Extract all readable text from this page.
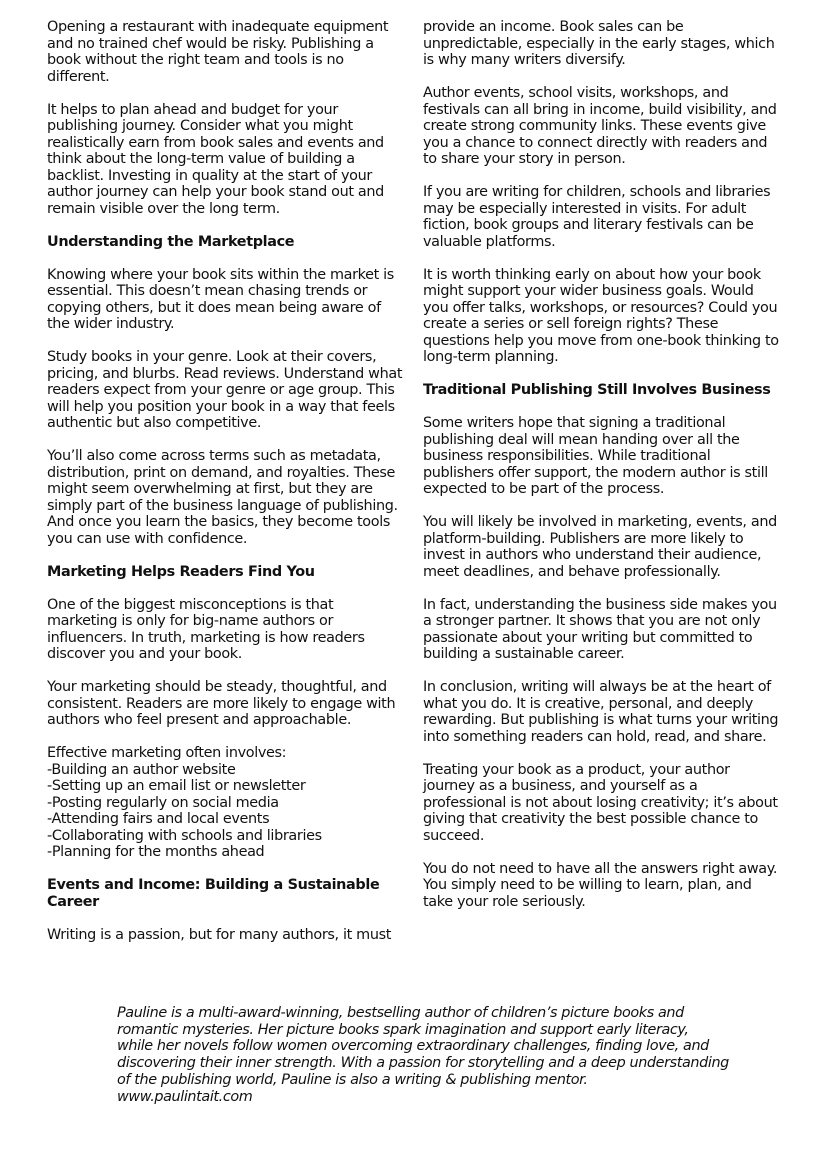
Opening a restaurant with inadequate equipment and no trained chef would be risky. Publishing a book without the right team and tools is no different.

It helps to plan ahead and budget for your publishing journey. Consider what you might realistically earn from book sales and events and think about the long-term value of building a backlist. Investing in quality at the start of your author journey can help your book stand out and remain visible over the long term.

Understanding the Marketplace

Knowing where your book sits within the market is essential. This doesn’t mean chasing trends or copying others, but it does mean being aware of the wider industry.

Study books in your genre. Look at their covers, pricing, and blurbs. Read reviews. Understand what readers expect from your genre or age group. This will help you position your book in a way that feels authentic but also competitive.

You’ll also come across terms such as metadata, distribution, print on demand, and royalties. These might seem overwhelming at first, but they are simply part of the business language of publishing. And once you learn the basics, they become tools you can use with confidence.

Marketing Helps Readers Find You

One of the biggest misconceptions is that marketing is only for big-name authors or influencers. In truth, marketing is how readers discover you and your book.

Your marketing should be steady, thoughtful, and consistent. Readers are more likely to engage with authors who feel present and approachable.

Effective marketing often involves:
-Building an author website
-Setting up an email list or newsletter
-Posting regularly on social media
-Attending fairs and local events
-Collaborating with schools and libraries
-Planning for the months ahead

Events and Income: Building a Sustainable Career

Writing is a passion, but for many authors, it must

provide an income. Book sales can be unpredictable, especially in the early stages, which is why many writers diversify.

Author events, school visits, workshops, and festivals can all bring in income, build visibility, and create strong community links. These events give you a chance to connect directly with readers and to share your story in person.

If you are writing for children, schools and libraries may be especially interested in visits. For adult fiction, book groups and literary festivals can be valuable platforms.

It is worth thinking early on about how your book might support your wider business goals. Would you offer talks, workshops, or resources? Could you create a series or sell foreign rights? These questions help you move from one-book thinking to long-term planning.

Traditional Publishing Still Involves Business

Some writers hope that signing a traditional publishing deal will mean handing over all the business responsibilities. While traditional publishers offer support, the modern author is still expected to be part of the process.

You will likely be involved in marketing, events, and platform-building. Publishers are more likely to invest in authors who understand their audience, meet deadlines, and behave professionally.

In fact, understanding the business side makes you a stronger partner. It shows that you are not only passionate about your writing but committed to building a sustainable career.

In conclusion, writing will always be at the heart of what you do. It is creative, personal, and deeply rewarding. But publishing is what turns your writing into something readers can hold, read, and share.

Treating your book as a product, your author journey as a business, and yourself as a professional is not about losing creativity; it’s about giving that creativity the best possible chance to succeed.

You do not need to have all the answers right away. You simply need to be willing to learn, plan, and take your role seriously.

Pauline is a multi-award-winning, bestselling author of children’s picture books and
romantic mysteries. Her picture books spark imagination and support early literacy,
while her novels follow women overcoming extraordinary challenges, finding love, and
discovering their inner strength. With a passion for storytelling and a deep understanding
of the publishing world, Pauline is also a writing & publishing mentor.
www.paulintait.com
